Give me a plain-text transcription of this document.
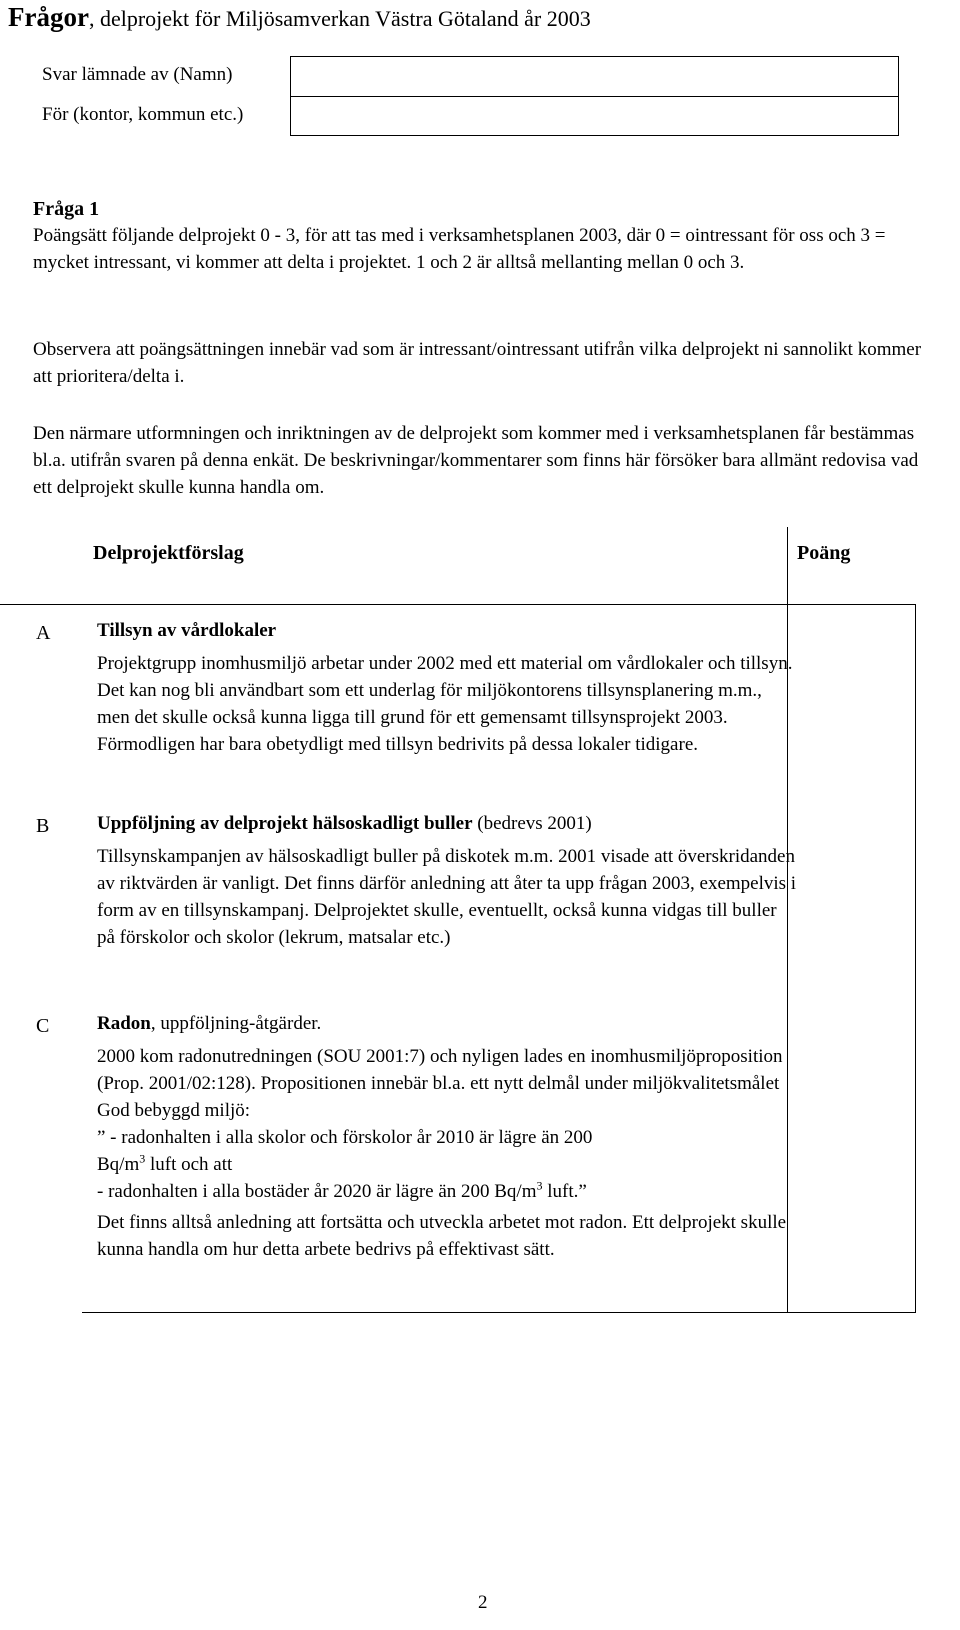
Frågor, delprojekt för Miljösamverkan Västra Götaland år 2003
Svar lämnade av (Namn)
För (kontor, kommun etc.)
Fråga 1
Poängsätt följande delprojekt 0 - 3, för att tas med i verksamhetsplanen 2003, där 0 = ointressant för oss och 3 = mycket intressant, vi kommer att delta i projektet. 1 och 2 är alltså mellanting mellan 0 och 3.
Observera att poängsättningen innebär vad som är intressant/ointressant utifrån vilka delprojekt ni sannolikt kommer att prioritera/delta i.
Den närmare utformningen och inriktningen av de delprojekt som kommer med i verksamhetsplanen får bestämmas bl.a. utifrån svaren på denna enkät. De beskrivningar/kommentarer som finns här försöker bara allmänt redovisa vad ett delprojekt skulle kunna handla om.
Delprojektförslag	Poäng
A Tillsyn av vårdlokaler
Projektgrupp inomhusmiljö arbetar under 2002 med ett material om vårdlokaler och tillsyn. Det kan nog bli användbart som ett underlag för miljökontorens tillsynsplanering m.m., men det skulle också kunna ligga till grund för ett gemensamt tillsynsprojekt 2003. Förmodligen har bara obetydligt med tillsyn bedrivits på dessa lokaler tidigare.
B	Uppföljning av delprojekt hälsoskadligt buller (bedrevs 2001)
Tillsynskampanjen av hälsoskadligt buller på diskotek m.m. 2001 visade att överskridanden av riktvärden är vanligt. Det finns därför anledning att åter ta upp frågan 2003, exempelvis i form av en tillsynskampanj. Delprojektet skulle, eventuellt, också kunna vidgas till buller på förskolor och skolor (lekrum, matsalar etc.)
C	Radon, uppföljning-åtgärder.
2000 kom radonutredningen (SOU 2001:7) och nyligen lades en inomhusmiljöproposition (Prop. 2001/02:128). Propositionen innebär bl.a. ett nytt delmål under miljökvalitetsmålet God bebyggd miljö:
” - radonhalten i alla skolor och förskolor år 2010 är lägre än 200
$Bq/m^3$ luft och att
- radonhalten i alla bostäder år 2020 är lägre än 200 $Bq/m^3$ luft.”
Det finns alltså anledning att fortsätta och utveckla arbetet mot radon. Ett delprojekt skulle kunna handla om hur detta arbete bedrivs på effektivast sätt.
2
